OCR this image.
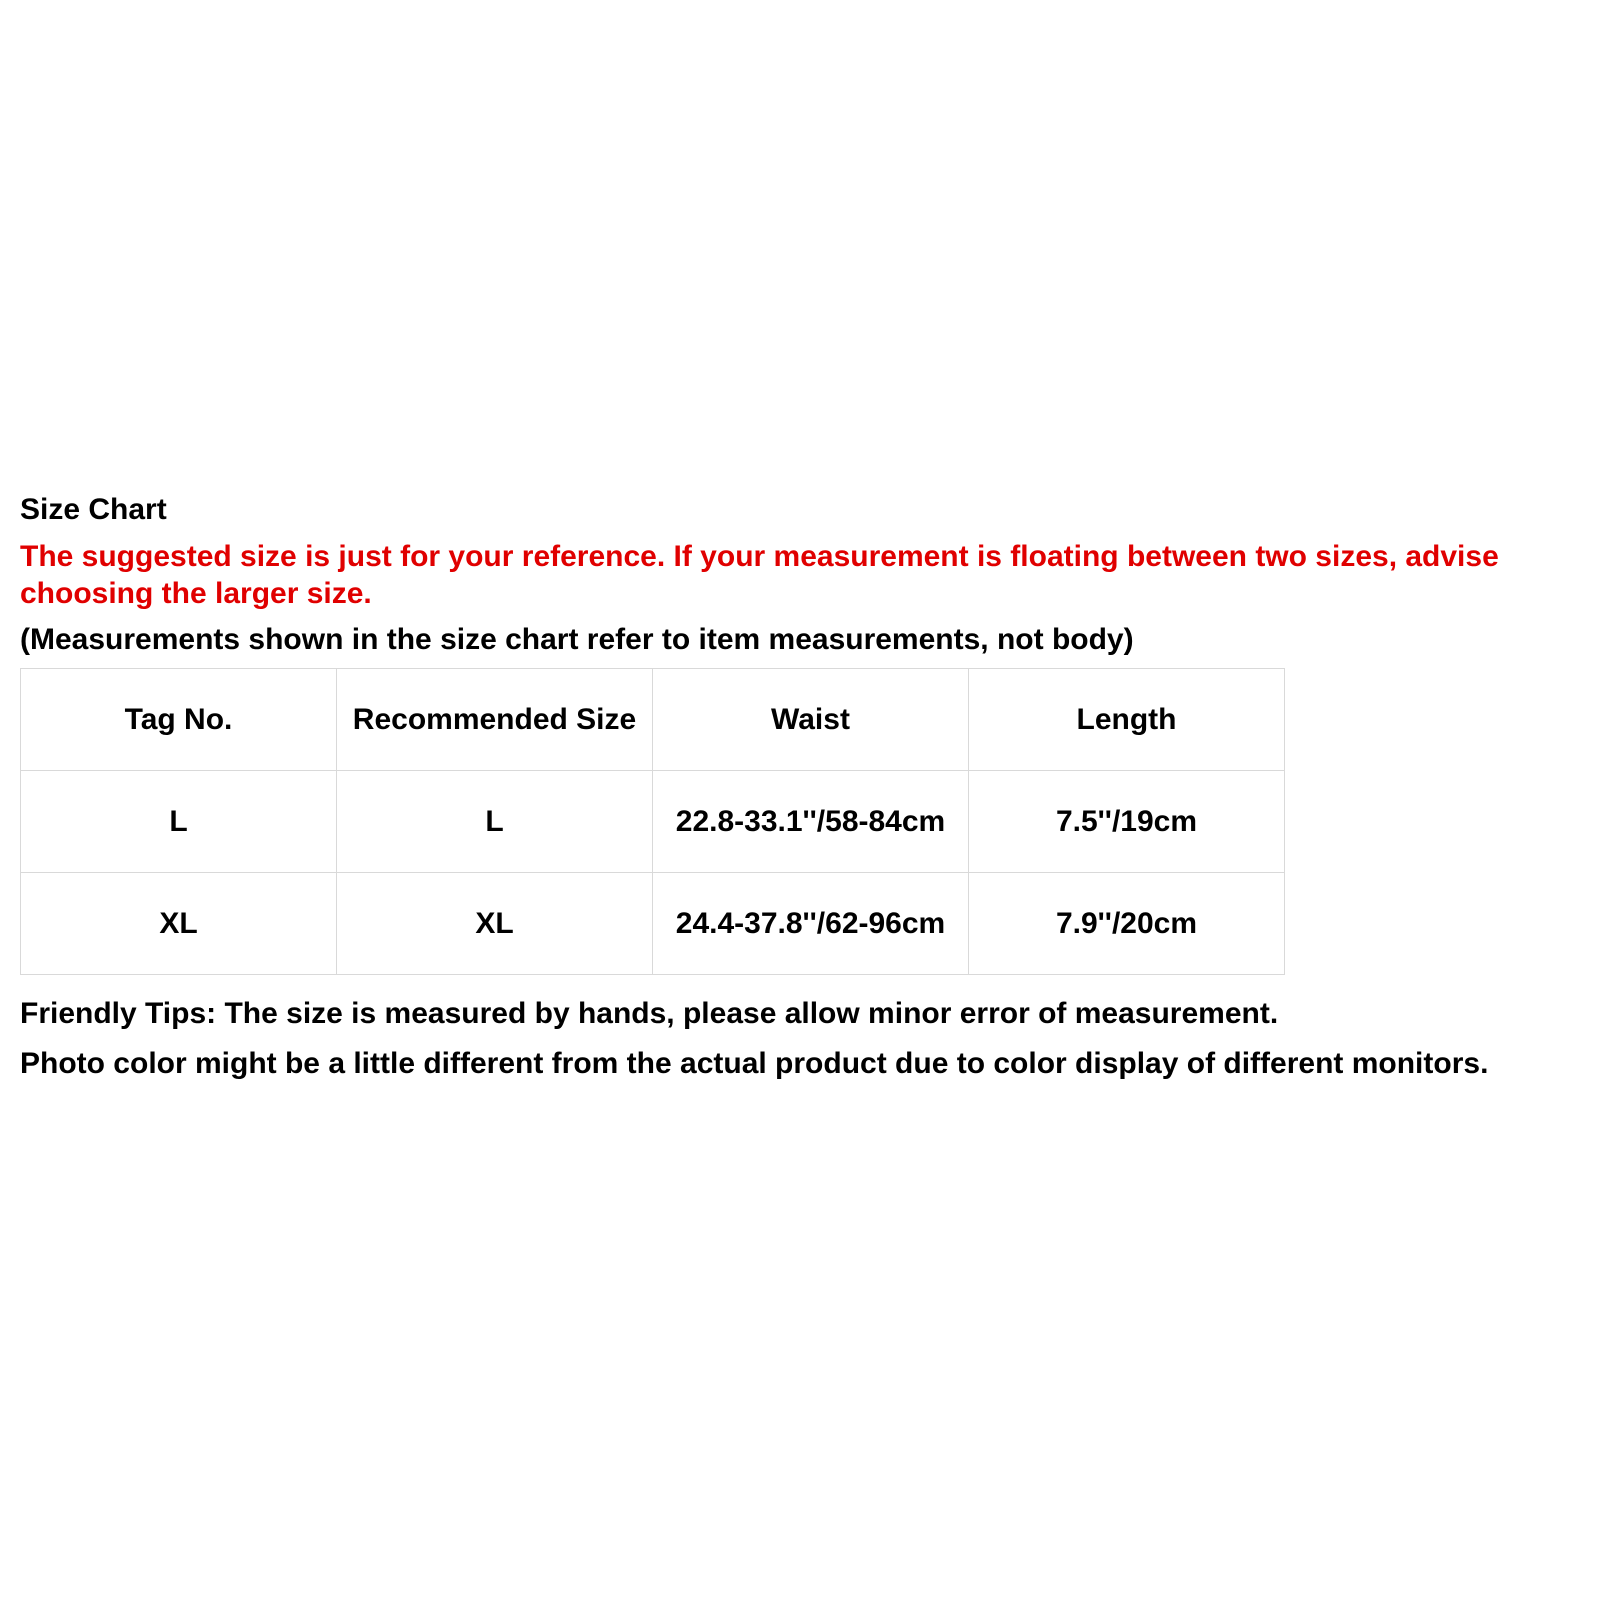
Size Chart
The suggested size is just for your reference. If your measurement is floating between two sizes, advise choosing the larger size.
(Measurements shown in the size chart refer to item measurements, not body)
Tag No.	Recommended Size	Waist	Length
L	L	22.8-33.1''/58-84cm	7.5''/19cm
XL	XL	24.4-37.8''/62-96cm	7.9''/20cm
Friendly Tips: The size is measured by hands, please allow minor error of measurement.
Photo color might be a little different from the actual product due to color display of different monitors.
